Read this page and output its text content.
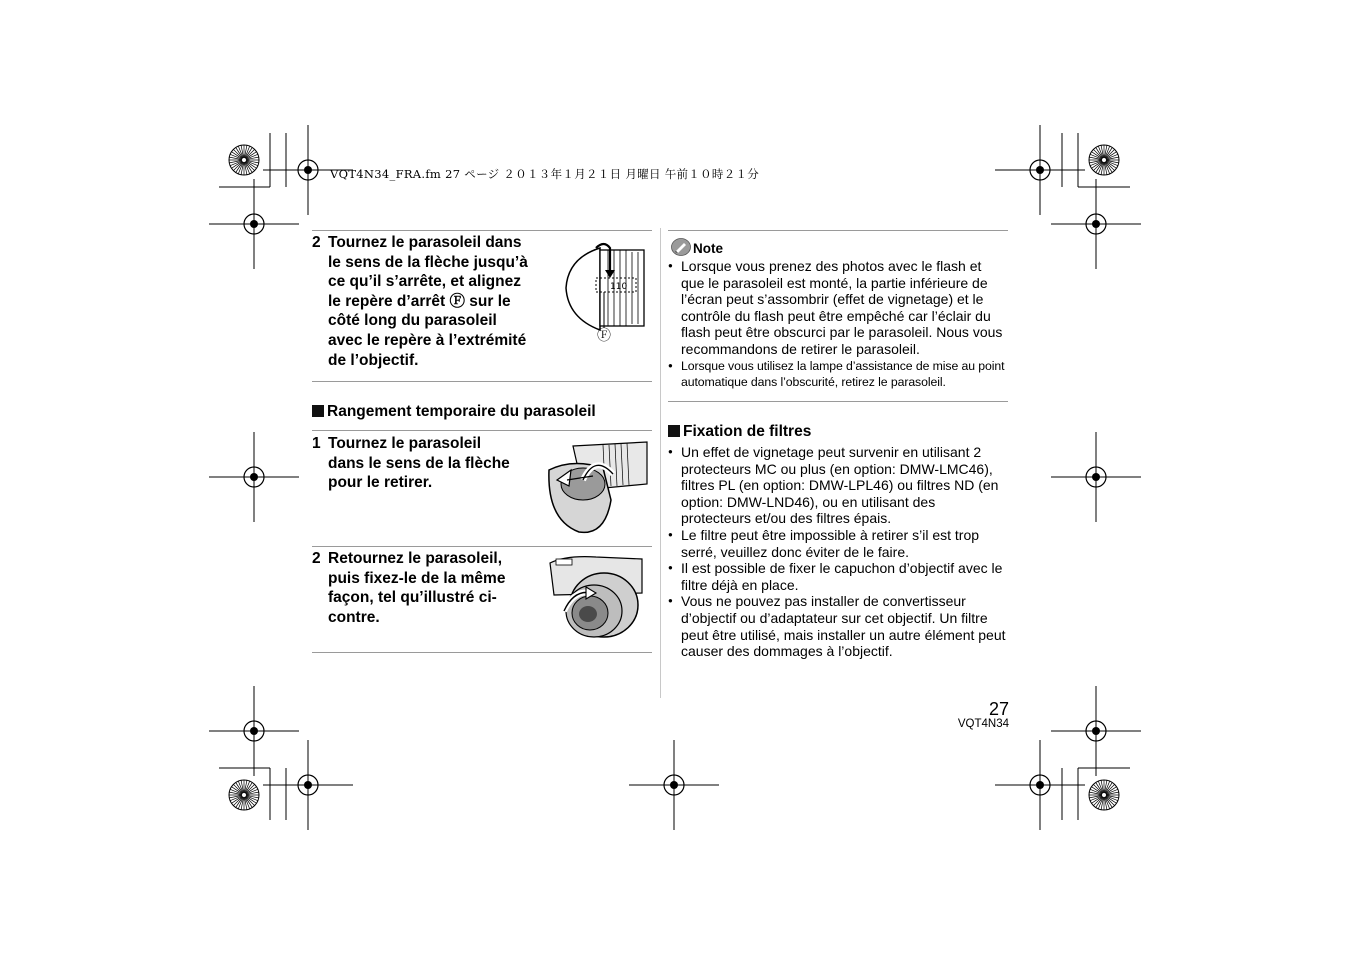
VQT4N34_FRA.fm 27 ページ ２０１３年１月２１日 月曜日 午前１０時２１分
2 Tournez le parasoleil dans
le sens de la flèche jusqu’à
ce qu’il s’arrête, et alignez
le repère d’arrêt Ⓕ sur le
côté long du parasoleil
avec le repère à l’extrémité
de l’objectif.
110
Ⓕ
Rangement temporaire du parasoleil
1 Tournez le parasoleil
dans le sens de la flèche
pour le retirer.
2 Retournez le parasoleil,
puis fixez-le de la même
façon, tel qu’illustré ci-
contre.
Note
● Lorsque vous prenez des photos avec le flash et que le parasoleil est monté, la partie inférieure de l’écran peut s’assombrir (effet de vignetage) et le contrôle du flash peut être empêché car l’éclair du flash peut être obscurci par le parasoleil. Nous vous recommandons de retirer le parasoleil.
● Lorsque vous utilisez la lampe d’assistance de mise au point automatique dans l’obscurité, retirez le parasoleil.
Fixation de filtres
● Un effet de vignetage peut survenir en utilisant 2 protecteurs MC ou plus (en option: DMW-LMC46), filtres PL (en option: DMW-LPL46) ou filtres ND (en option: DMW-LND46), ou en utilisant des protecteurs et/ou des filtres épais.
● Le filtre peut être impossible à retirer s’il est trop serré, veuillez donc éviter de le faire.
● Il est possible de fixer le capuchon d’objectif avec le filtre déjà en place.
● Vous ne pouvez pas installer de convertisseur d’objectif ou d’adaptateur sur cet objectif. Un filtre peut être utilisé, mais installer un autre élément peut causer des dommages à l’objectif.
27
VQT4N34
